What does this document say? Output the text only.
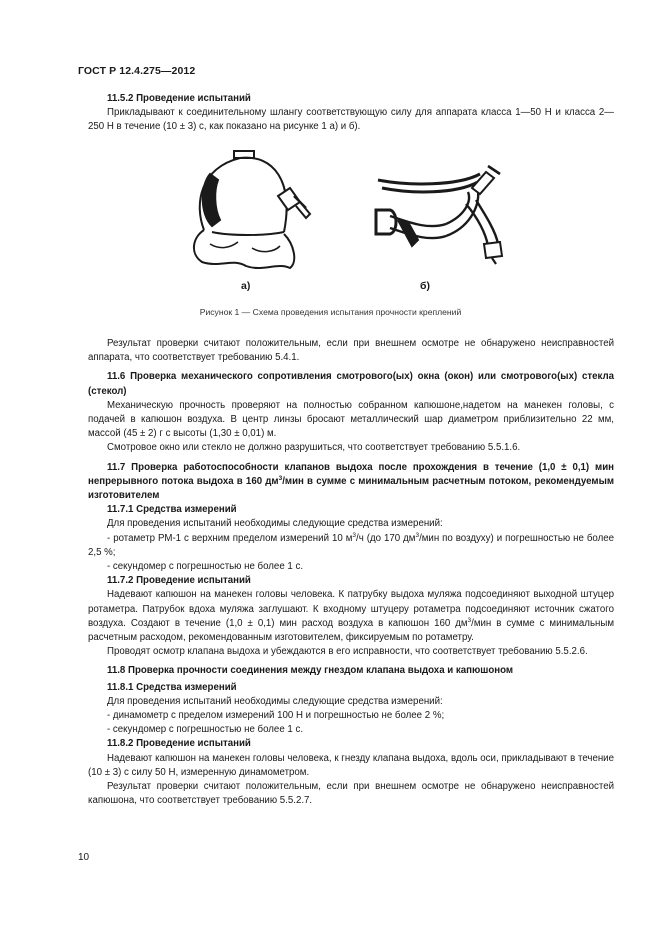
ГОСТ Р 12.4.275—2012

11.5.2 Проведение испытаний

Прикладывают к соединительному шлангу соответствующую силу для аппарата класса 1—50 Н и класса 2—250 Н в течение (10 ± 3) с, как показано на рисунке 1 а) и б).

а)	б)
Рисунок 1 — Схема проведения испытания прочности креплений

Результат проверки считают положительным, если при внешнем осмотре не обнаружено неисправностей аппарата, что соответствует требованию 5.4.1.

11.6 Проверка механического сопротивления смотрового(ых) окна (окон) или смотрового(ых) стекла (стекол)

Механическую прочность проверяют на полностью собранном капюшоне,надетом на манекен головы, с подачей в капюшон воздуха. В центр линзы бросают металлический шар диаметром приблизительно 22 мм, массой (45 ± 2) г с высоты (1,30 ± 0,01) м.

Смотровое окно или стекло не должно разрушиться, что соответствует требованию 5.5.1.6.

11.7 Проверка работоспособности клапанов выдоха после прохождения в течение (1,0 ± 0,1) мин непрерывного потока выдоха в 160 $дм^3$/мин в сумме с минимальным расчетным потоком, рекомендуемым изготовителем

11.7.1 Средства измерений

Для проведения испытаний необходимы следующие средства измерений:

- ротаметр РМ-1 с верхним пределом измерений 10 $м^3/ч$ (до 170 $дм^3$/мин по воздуху) и погрешностью не более 2,5 %;

- секундомер с погрешностью не более 1 с.

11.7.2 Проведение испытаний

Надевают капюшон на манекен головы человека. К патрубку выдоха муляжа подсоединяют выходной штуцер ротаметра. Патрубок вдоха муляжа заглушают. К входному штуцеру ротаметра подсоединяют источник сжатого воздуха. Создают в течение (1,0 ± 0,1) мин расход воздуха в капюшон 160 $дм^3$/мин в сумме с минимальным расчетным расходом, рекомендованным изготовителем, фиксируемым по ротаметру.

Проводят осмотр клапана выдоха и убеждаются в его исправности, что соответствует требованию 5.5.2.6.

11.8 Проверка прочности соединения между гнездом клапана выдоха и капюшоном

11.8.1 Средства измерений

Для проведения испытаний необходимы следующие средства измерений:

- динамометр с пределом измерений 100 Н и погрешностью не более 2 %;

- секундомер с погрешностью не более 1 с.

11.8.2 Проведение испытаний

Надевают капюшон на манекен головы человека, к гнезду клапана выдоха, вдоль оси, прикладывают в течение (10 ± 3) с силу 50 Н, измеренную динамометром.

Результат проверки считают положительным, если при внешнем осмотре не обнаружено неисправностей капюшона, что соответствует требованию 5.5.2.7.

10
